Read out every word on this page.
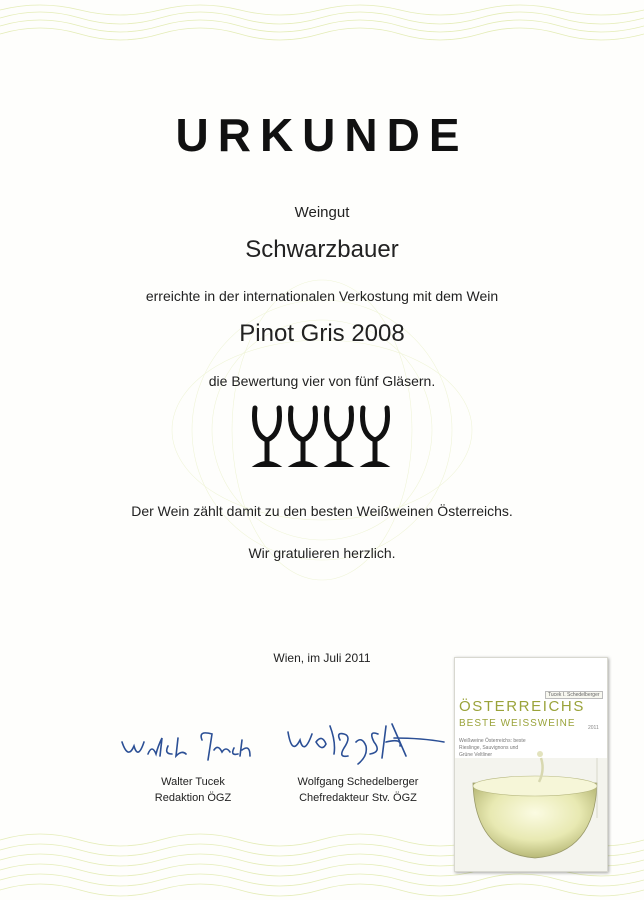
URKUNDE
Weingut
Schwarzbauer
erreichte in der internationalen Verkostung mit dem Wein
Pinot Gris 2008
die Bewertung vier von fünf Gläsern.
Der Wein zählt damit zu den besten Weißweinen Österreichs.
Wir gratulieren herzlich.
Wien, im Juli 2011
Walter Tucek
Redaktion ÖGZ
Wolfgang Schedelberger
Chefredakteur Stv. ÖGZ
Tucek I. Schedelberger
ÖSTERREICHS
BESTE WEISSWEINE	2011
Weißweine Österreichs: beste Rieslinge, Sauvignons und Grüne Veltliner
